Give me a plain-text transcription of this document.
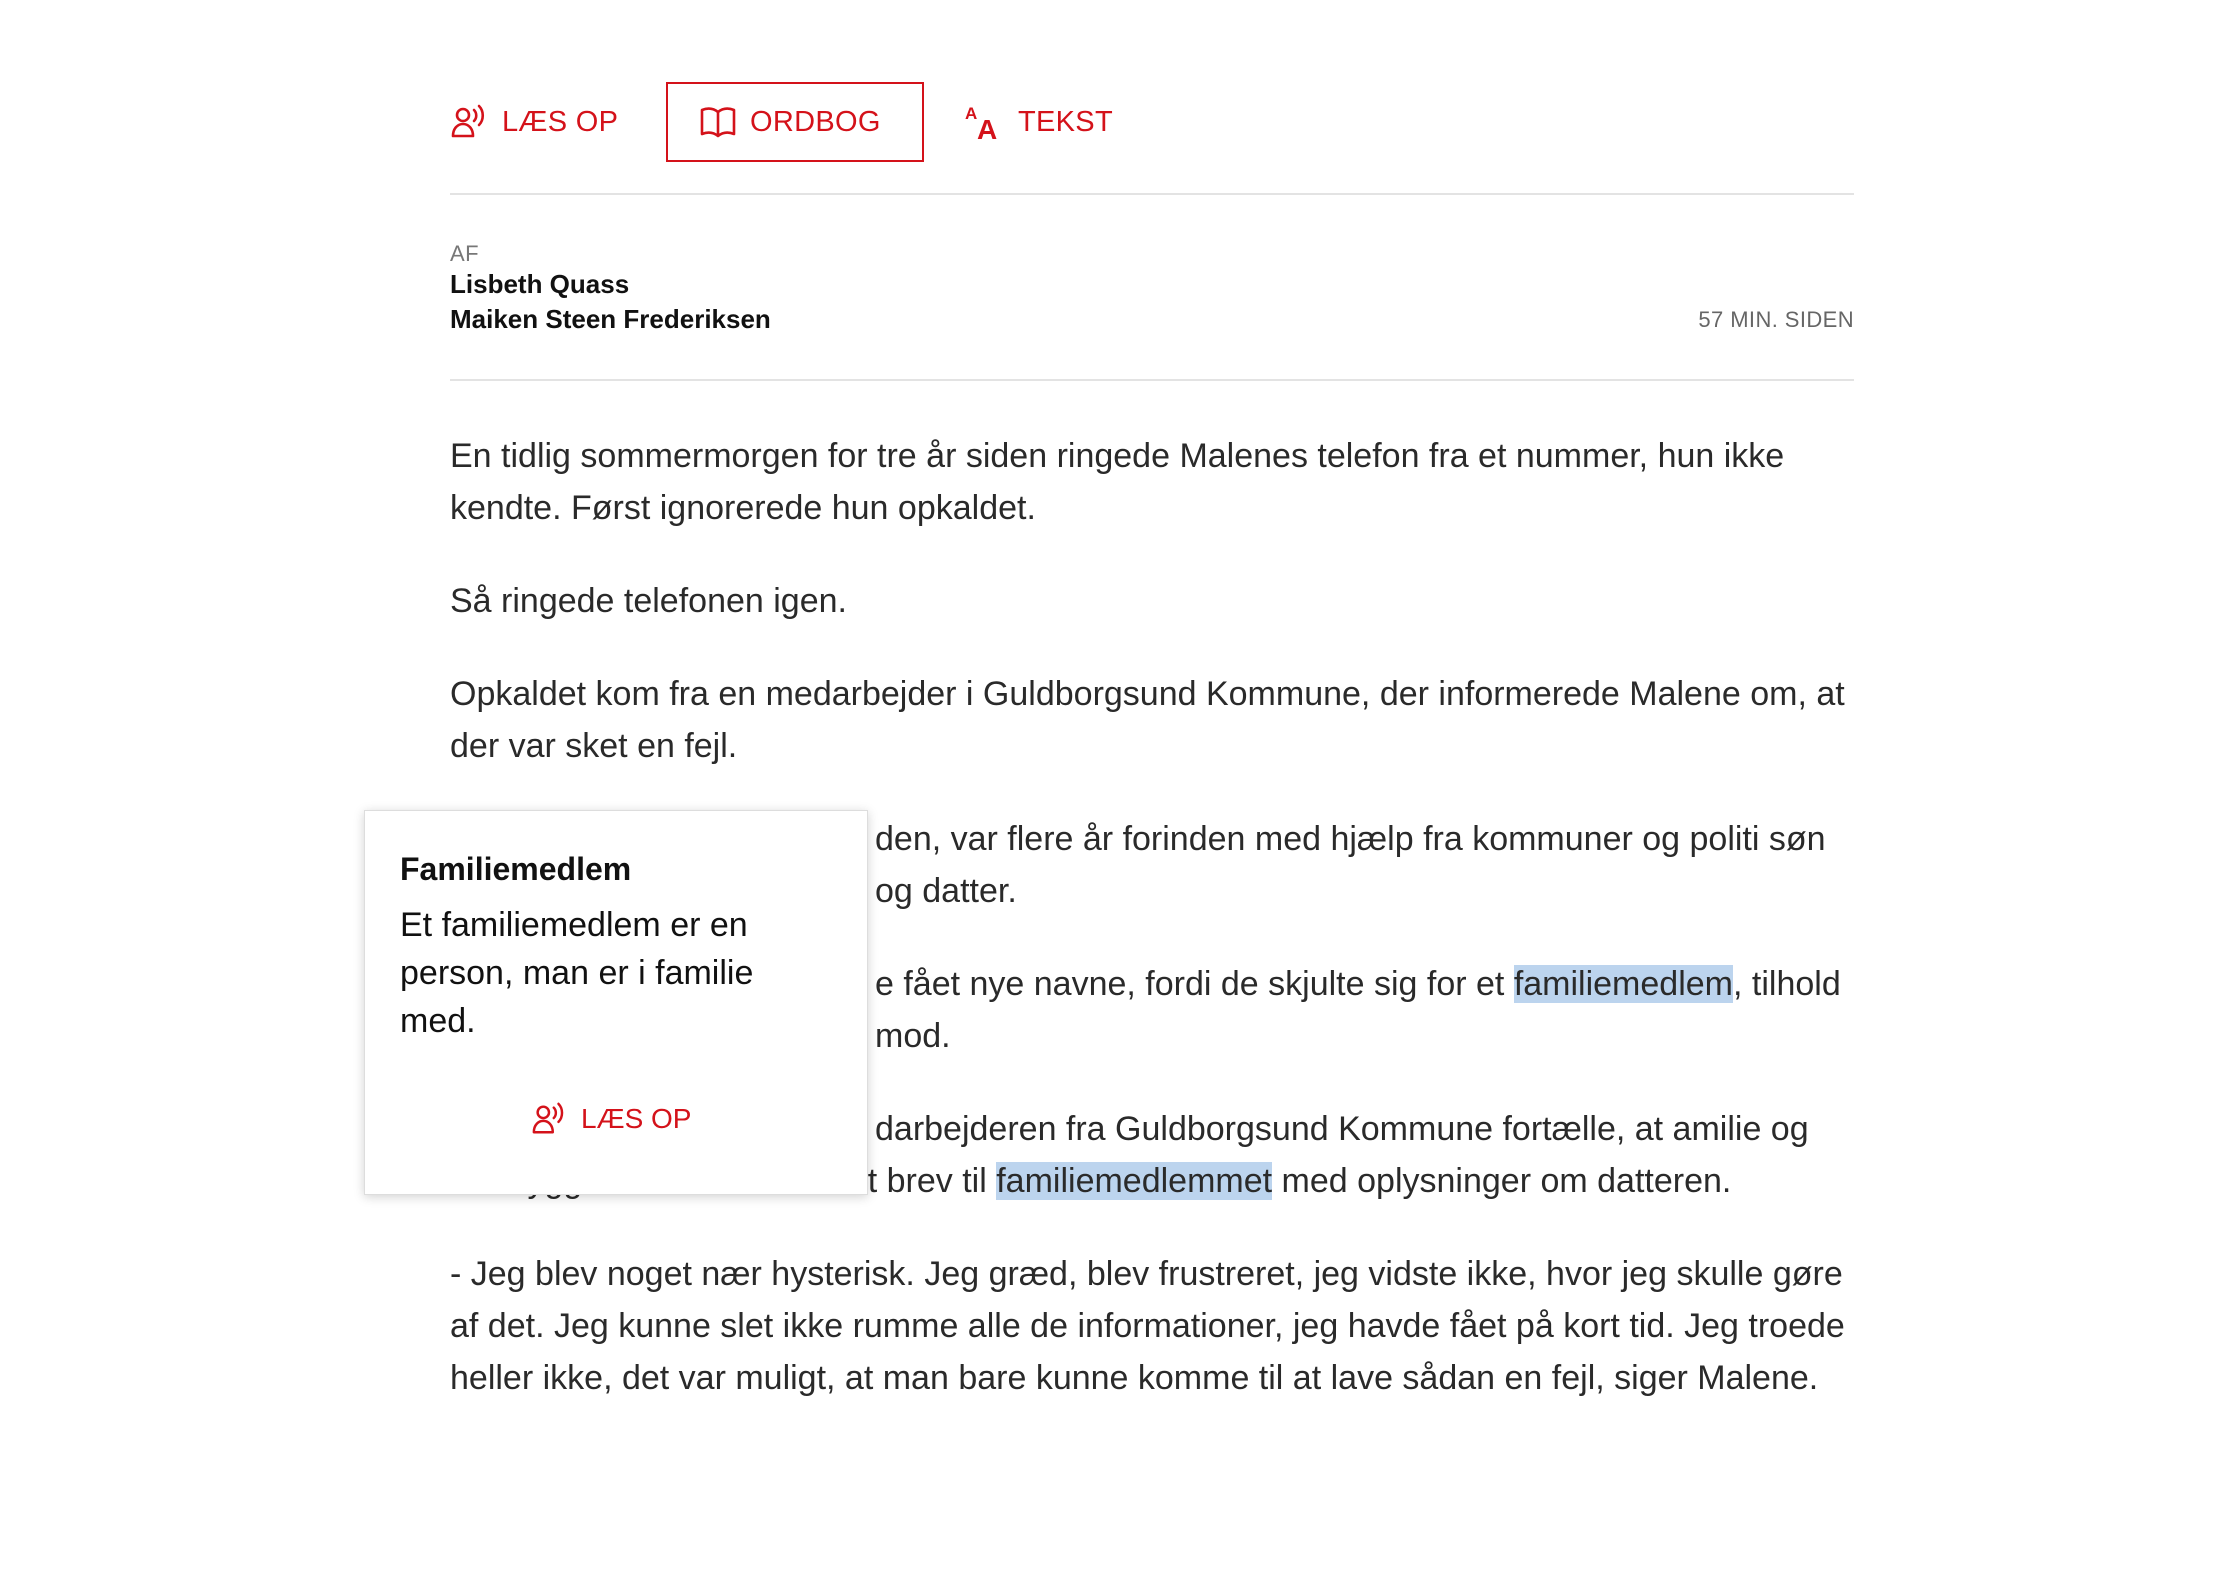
LÆS OP	ORDBOG	A
A TEKST
AF
Lisbeth Quass
Maiken Steen Frederiksen	57 MIN. SIDEN

En tidlig sommermorgen for tre år siden ringede Malenes telefon fra et nummer, hun ikke kendte. Først ignorerede hun opkaldet.

Så ringede telefonen igen.

Opkaldet kom fra en medarbejder i Guldborgsund Kommune, der informerede Malene om, at der var sket en fejl.

den, var flere år forinden med hjælp fra kommuner og politi søn og datter.

e fået nye navne, fordi de skjulte sig for et familiemedlem, tilhold mod.

darbejderen fra Guldborgsund Kommune fortælle, at amilie og brev til familiemedlemmet med oplysninger om datteren.

- Jeg blev noget nær hysterisk. Jeg græd, blev frustreret, jeg vidste ikke, hvor jeg skulle gøre af det. Jeg kunne slet ikke rumme alle de informationer, jeg havde fået på kort tid. Jeg troede heller ikke, det var muligt, at man bare kunne komme til at lave sådan en fejl, siger Malene.

Familiemedlem
Et familiemedlem er en person, man er i familie med.
LÆS OP
